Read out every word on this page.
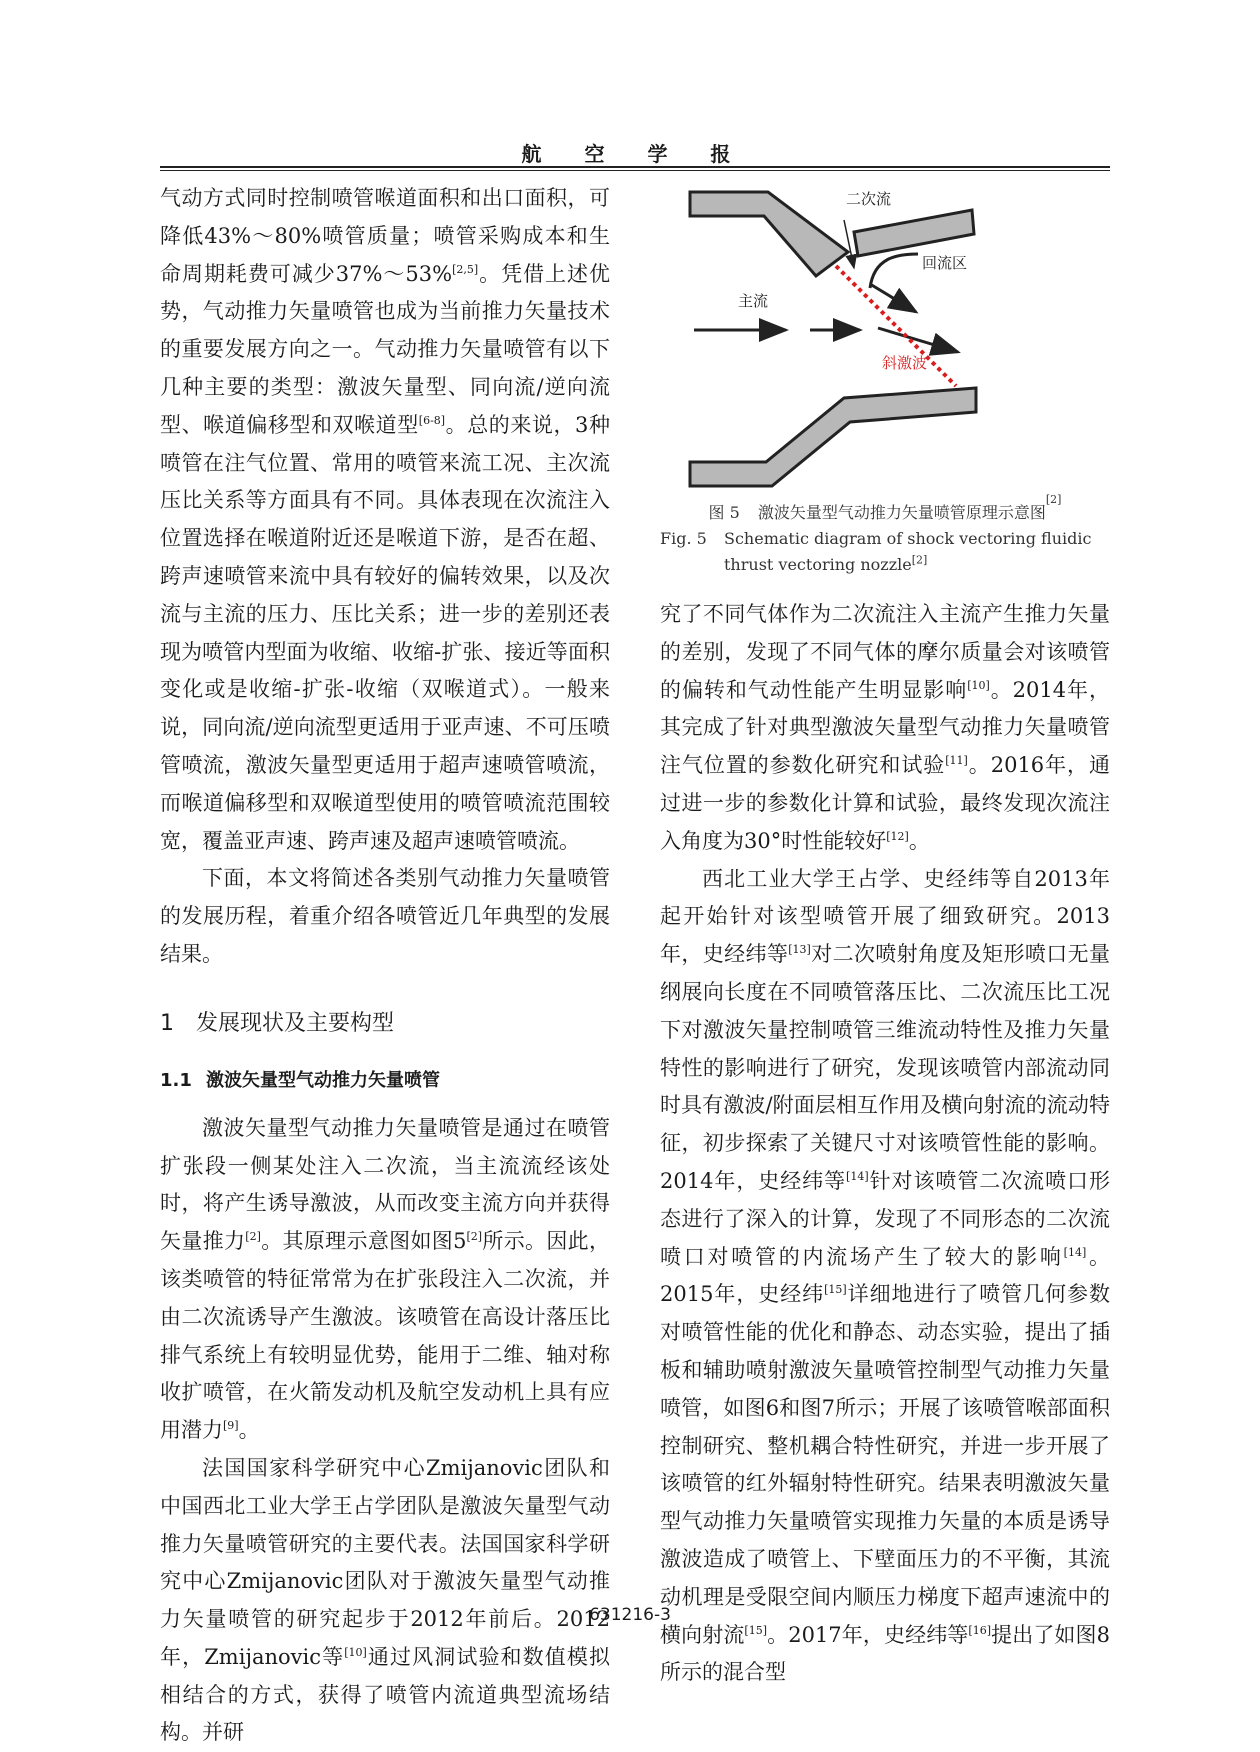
航 空 学 报

气动方式同时控制喷管喉道面积和出口面积，可降低43%～80%喷管质量；喷管采购成本和生命周期耗费可减少37%～53%[2,5]。凭借上述优势，气动推力矢量喷管也成为当前推力矢量技术的重要发展方向之一。气动推力矢量喷管有以下几种主要的类型：激波矢量型、同向流/逆向流型、喉道偏移型和双喉道型[6-8]。总的来说，3种喷管在注气位置、常用的喷管来流工况、主次流压比关系等方面具有不同。具体表现在次流注入位置选择在喉道附近还是喉道下游，是否在超、跨声速喷管来流中具有较好的偏转效果，以及次流与主流的压力、压比关系；进一步的差别还表现为喷管内型面为收缩、收缩-扩张、接近等面积变化或是收缩-扩张-收缩（双喉道式）。一般来说，同向流/逆向流型更适用于亚声速、不可压喷管喷流，激波矢量型更适用于超声速喷管喷流，而喉道偏移型和双喉道型使用的喷管喷流范围较宽，覆盖亚声速、跨声速及超声速喷管喷流。

下面，本文将简述各类别气动推力矢量喷管的发展历程，着重介绍各喷管近几年典型的发展结果。

1 发展现状及主要构型
1.1 激波矢量型气动推力矢量喷管

激波矢量型气动推力矢量喷管是通过在喷管扩张段一侧某处注入二次流，当主流流经该处时，将产生诱导激波，从而改变主流方向并获得矢量推力[2]。其原理示意图如图5[2]所示。因此，该类喷管的特征常常为在扩张段注入二次流，并由二次流诱导产生激波。该喷管在高设计落压比排气系统上有较明显优势，能用于二维、轴对称收扩喷管，在火箭发动机及航空发动机上具有应用潜力[9]。

法国国家科学研究中心Zmijanovic团队和中国西北工业大学王占学团队是激波矢量型气动推力矢量喷管研究的主要代表。法国国家科学研究中心Zmijanovic团队对于激波矢量型气动推力矢量喷管的研究起步于2012年前后。2012年，Zmijanovic等[10]通过风洞试验和数值模拟相结合的方式，获得了喷管内流道典型流场结构。并研

二次流
回流区
主流
斜激波
图 5 激波矢量型气动推力矢量喷管原理示意图
[2]
Fig. 5	Schematic diagram of shock vectoring fluidic thrust vectoring nozzle[2]

究了不同气体作为二次流注入主流产生推力矢量的差别，发现了不同气体的摩尔质量会对该喷管的偏转和气动性能产生明显影响[10]。2014年，其完成了针对典型激波矢量型气动推力矢量喷管注气位置的参数化研究和试验[11]。2016年，通过进一步的参数化计算和试验，最终发现次流注入角度为30°时性能较好[12]。

西北工业大学王占学、史经纬等自2013年起开始针对该型喷管开展了细致研究。2013年，史经纬等[13]对二次喷射角度及矩形喷口无量纲展向长度在不同喷管落压比、二次流压比工况下对激波矢量控制喷管三维流动特性及推力矢量特性的影响进行了研究，发现该喷管内部流动同时具有激波/附面层相互作用及横向射流的流动特征，初步探索了关键尺寸对该喷管性能的影响。2014年，史经纬等[14]针对该喷管二次流喷口形态进行了深入的计算，发现了不同形态的二次流喷口对喷管的内流场产生了较大的影响[14]。2015年，史经纬[15]详细地进行了喷管几何参数对喷管性能的优化和静态、动态实验，提出了插板和辅助喷射激波矢量喷管控制型气动推力矢量喷管，如图6和图7所示；开展了该喷管喉部面积控制研究、整机耦合特性研究，并进一步开展了该喷管的红外辐射特性研究。结果表明激波矢量型气动推力矢量喷管实现推力矢量的本质是诱导激波造成了喷管上、下壁面压力的不平衡，其流动机理是受限空间内顺压力梯度下超声速流中的横向射流[15]。2017年，史经纬等[16]提出了如图8所示的混合型

631216-3
